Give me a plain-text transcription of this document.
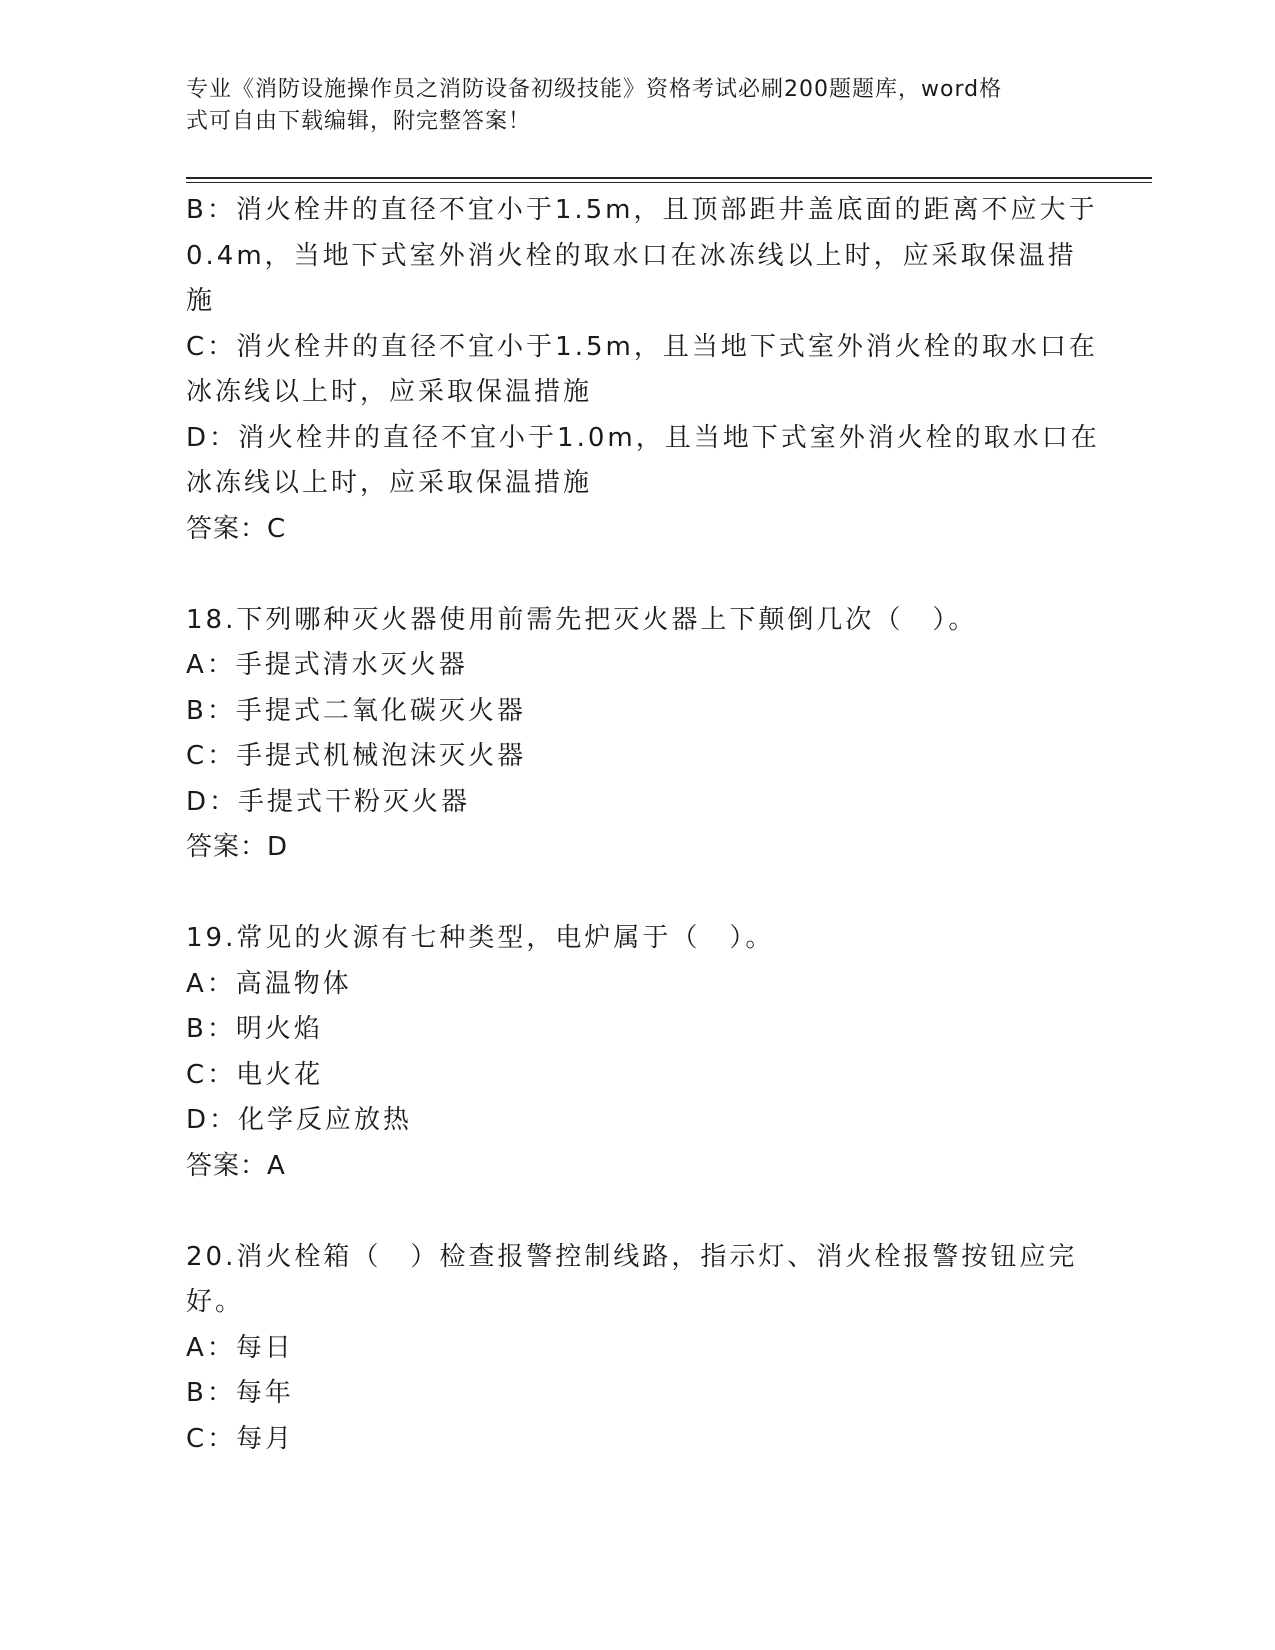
专业《消防设施操作员之消防设备初级技能》资格考试必刷200题题库，word格
式可自由下载编辑，附完整答案！
B：消火栓井的直径不宜小于1.5m，且顶部距井盖底面的距离不应大于
0.4m，当地下式室外消火栓的取水口在冰冻线以上时，应采取保温措
施
C：消火栓井的直径不宜小于1.5m，且当地下式室外消火栓的取水口在
冰冻线以上时，应采取保温措施
D：消火栓井的直径不宜小于1.0m，且当地下式室外消火栓的取水口在
冰冻线以上时，应采取保温措施
答案：C
18.下列哪种灭火器使用前需先把灭火器上下颠倒几次（　）。
A：手提式清水灭火器
B：手提式二氧化碳灭火器
C：手提式机械泡沫灭火器
D：手提式干粉灭火器
答案：D
19.常见的火源有七种类型，电炉属于（　）。
A：高温物体
B：明火焰
C：电火花
D：化学反应放热
答案：A
20.消火栓箱（　）检查报警控制线路，指示灯、消火栓报警按钮应完
好。
A：每日
B：每年
C：每月
